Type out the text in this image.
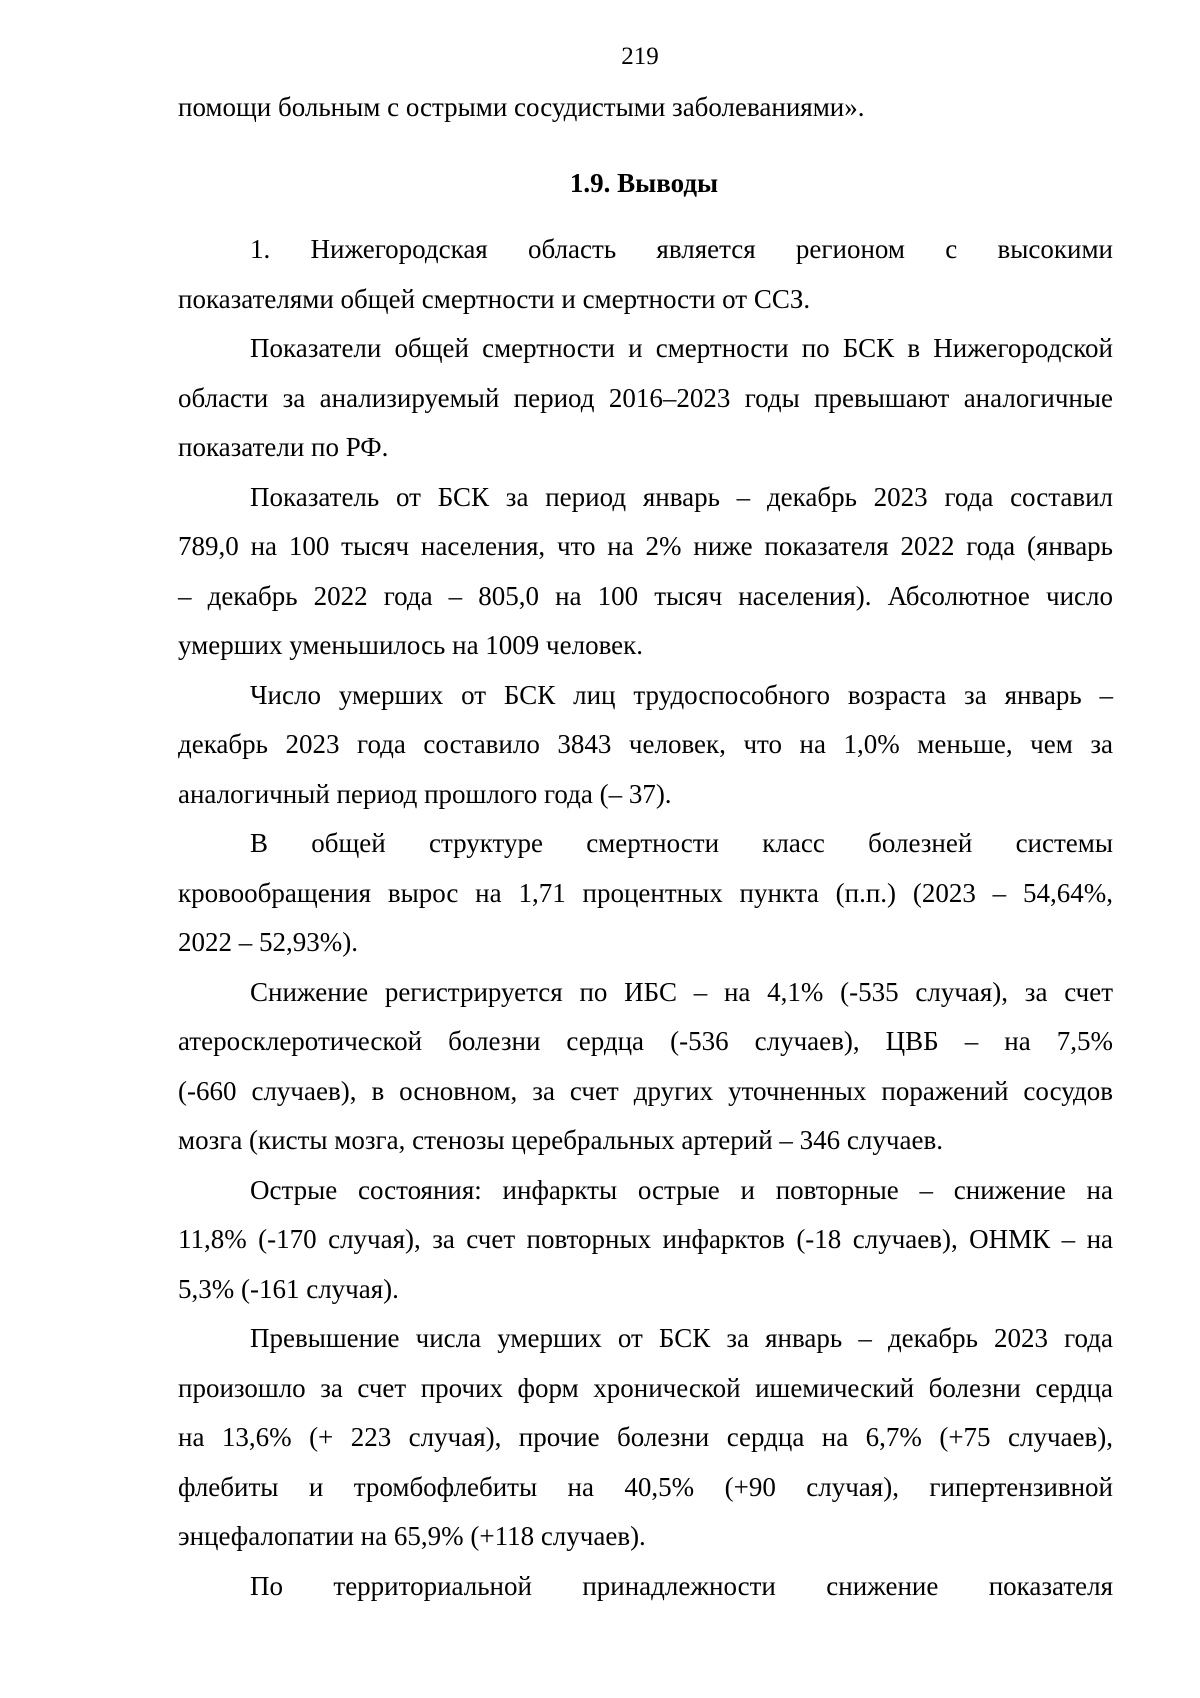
219
помощи больным с острыми сосудистыми заболеваниями».
1.9. Выводы
1. Нижегородская область является регионом с высокими
показателями общей смертности и смертности от ССЗ.
Показатели общей смертности и смертности по БСК в Нижегородской
области за анализируемый период 2016–2023 годы превышают аналогичные
показатели по РФ.
Показатель от БСК за период январь – декабрь 2023 года составил
789,0 на 100 тысяч населения, что на 2% ниже показателя 2022 года (январь
– декабрь 2022 года – 805,0 на 100 тысяч населения). Абсолютное число
умерших уменьшилось на 1009 человек.
Число умерших от БСК лиц трудоспособного возраста за январь –
декабрь 2023 года составило 3843 человек, что на 1,0% меньше, чем за
аналогичный период прошлого года (– 37).
В общей структуре смертности класс болезней системы
кровообращения вырос на 1,71 процентных пункта (п.п.) (2023 – 54,64%,
2022 – 52,93%).
Снижение регистрируется по ИБС – на 4,1% (-535 случая), за счет
атеросклеротической болезни сердца (-536 случаев), ЦВБ – на 7,5%
(-660 случаев), в основном, за счет других уточненных поражений сосудов
мозга (кисты мозга, стенозы церебральных артерий – 346 случаев.
Острые состояния: инфаркты острые и повторные – снижение на
11,8% (-170 случая), за счет повторных инфарктов (-18 случаев), ОНМК – на
5,3% (-161 случая).
Превышение числа умерших от БСК за январь – декабрь 2023 года
произошло за счет прочих форм хронической ишемический болезни сердца
на 13,6% (+ 223 случая), прочие болезни сердца на 6,7% (+75 случаев),
флебиты и тромбофлебиты на 40,5% (+90 случая), гипертензивной
энцефалопатии на 65,9% (+118 случаев).
По территориальной принадлежности снижение показателя
